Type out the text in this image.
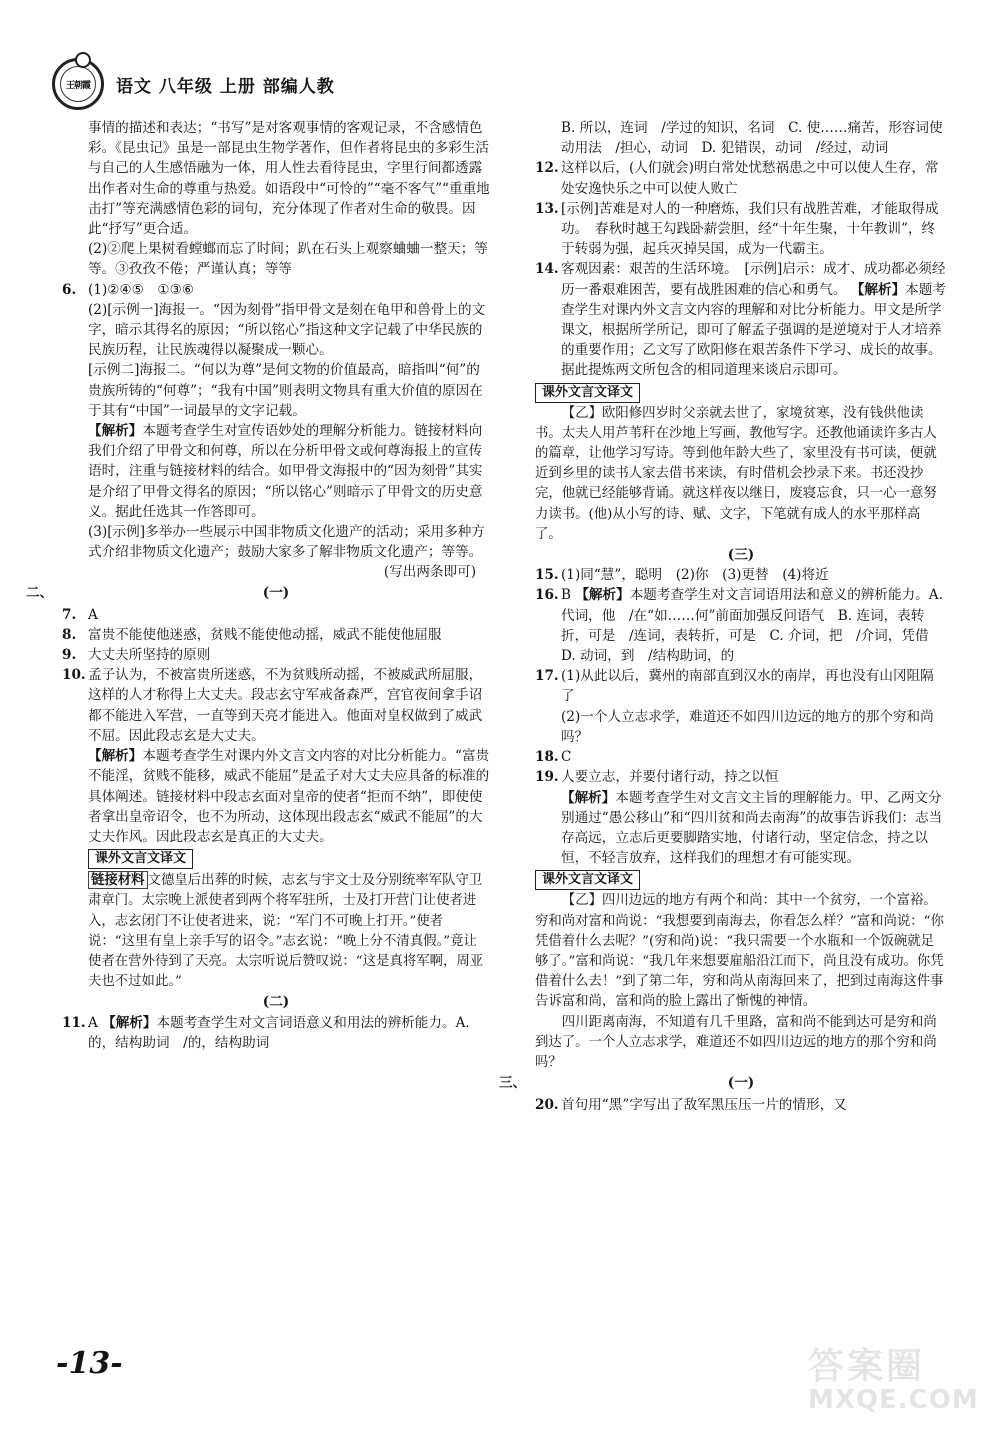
王朝霞	语文 八年级 上册 部编人教
事情的描述和表达；“书写”是对客观事情的客观记录，不含感情色彩。《昆虫记》虽是一部昆虫生物学著作，但作者将昆虫的多彩生活与自己的人生感悟融为一体，用人性去看待昆虫，字里行间都透露出作者对生命的尊重与热爱。如语段中“可怜的”“毫不客气”“重重地击打”等充满感情色彩的词句，充分体现了作者对生命的敬畏。因此“抒写”更合适。
(2)②爬上果树看螳螂而忘了时间；趴在石头上观察蛐蛐一整天；等等。③孜孜不倦；严谨认真；等等
6. (1)②④⑤　①③⑥
(2)[示例一]海报一。“因为刻骨”指甲骨文是刻在龟甲和兽骨上的文字，暗示其得名的原因；“所以铭心”指这种文字记载了中华民族的民族历程，让民族魂得以凝聚成一颗心。
[示例二]海报二。“何以为尊”是何文物的价值最高，暗指叫“何”的贵族所铸的“何尊”；“我有中国”则表明文物具有重大价值的原因在于其有“中国”一词最早的文字记载。
【解析】本题考查学生对宣传语妙处的理解分析能力。链接材料向我们介绍了甲骨文和何尊，所以在分析甲骨文或何尊海报上的宣传语时，注重与链接材料的结合。如甲骨文海报中的“因为刻骨”其实是介绍了甲骨文得名的原因；“所以铭心”则暗示了甲骨文的历史意义。据此任选其一作答即可。
(3)[示例]多举办一些展示中国非物质文化遗产的活动；采用多种方式介绍非物质文化遗产；鼓励大家多了解非物质文化遗产；等等。
(写出两条即可)
二、	(一)
7. A
8. 富贵不能使他迷惑，贫贱不能使他动摇，威武不能使他屈服
9. 大丈夫所坚持的原则
10. 孟子认为，不被富贵所迷惑，不为贫贱所动摇，不被威武所屈服，这样的人才称得上大丈夫。段志玄守军戒备森严，宫官夜间拿手诏都不能进入军营，一直等到天亮才能进入。他面对皇权做到了威武不屈。因此段志玄是大丈夫。
【解析】本题考查学生对课内外文言文内容的对比分析能力。“富贵不能淫，贫贱不能移，威武不能屈”是孟子对大丈夫应具备的标准的具体阐述。链接材料中段志玄面对皇帝的使者“拒而不纳”，即使使者拿出皇帝诏令，也不为所动，这体现出段志玄“威武不能屈”的大丈夫作风。因此段志玄是真正的大丈夫。
课外文言文译文
链接材料 文德皇后出葬的时候，志玄与宇文士及分别统率军队守卫肃章门。太宗晚上派使者到两个将军驻所，士及打开营门让使者进入，志玄闭门不让使者进来，说：“军门不可晚上打开。”使者说：“这里有皇上亲手写的诏令。”志玄说：“晚上分不清真假。”竟让使者在营外待到了天亮。太宗听说后赞叹说：“这是真将军啊，周亚夫也不过如此。”
(二)
11. A 【解析】本题考查学生对文言词语意义和用法的辨析能力。A. 的，结构助词　/的，结构助词
B. 所以，连词　/学过的知识，名词　C. 使……痛苦，形容词使动用法　/担心，动词　D. 犯错误，动词　/经过，动词
12. 这样以后，(人们就会)明白常处忧愁祸患之中可以使人生存，常处安逸快乐之中可以使人败亡
13. [示例]苦难是对人的一种磨炼，我们只有战胜苦难，才能取得成功。　春秋时越王勾践卧薪尝胆，经“十年生聚，十年教训”，终于转弱为强，起兵灭掉吴国，成为一代霸主。
14. 客观因素：艰苦的生活环境。　[示例]启示：成才、成功都必须经历一番艰难困苦，要有战胜困难的信心和勇气。 【解析】本题考查学生对课内外文言文内容的理解和对比分析能力。甲文是所学课文，根据所学所记，即可了解孟子强调的是逆境对于人才培养的重要作用；乙文写了欧阳修在艰苦条件下学习、成长的故事。据此提炼两文所包含的相同道理来谈启示即可。
课外文言文译文
【乙】欧阳修四岁时父亲就去世了，家境贫寒，没有钱供他读书。太夫人用芦苇秆在沙地上写画，教他写字。还教他诵读许多古人的篇章，让他学习写诗。等到他年龄大些了，家里没有书可读，便就近到乡里的读书人家去借书来读，有时借机会抄录下来。书还没抄完，他就已经能够背诵。就这样夜以继日，废寝忘食，只一心一意努力读书。(他)从小写的诗、赋、文字，下笔就有成人的水平那样高了。
(三)
15. (1)同“慧”，聪明　(2)你　(3)更替　(4)将近
16. B 【解析】本题考查学生对文言词语用法和意义的辨析能力。A. 代词，他　/在“如……何”前面加强反问语气　B. 连词，表转折，可是　/连词，表转折，可是　C. 介词，把　/介词，凭借　D. 动词，到　/结构助词，的
17. (1)从此以后，冀州的南部直到汉水的南岸，再也没有山冈阻隔了
(2)一个人立志求学，难道还不如四川边远的地方的那个穷和尚吗？
18. C
19. 人要立志，并要付诸行动，持之以恒
【解析】本题考查学生对文言文主旨的理解能力。甲、乙两文分别通过“愚公移山”和“四川贫和尚去南海”的故事告诉我们：志当存高远，立志后更要脚踏实地，付诸行动，坚定信念，持之以恒，不轻言放弃，这样我们的理想才有可能实现。
课外文言文译文
【乙】四川边远的地方有两个和尚：其中一个贫穷，一个富裕。穷和尚对富和尚说：“我想要到南海去，你看怎么样？”富和尚说：“你凭借着什么去呢？”(穷和尚)说：“我只需要一个水瓶和一个饭碗就足够了。”富和尚说：“我几年来想要雇船沿江而下，尚且没有成功。你凭借着什么去！”到了第二年，穷和尚从南海回来了，把到过南海这件事告诉富和尚，富和尚的脸上露出了惭愧的神情。
四川距离南海，不知道有几千里路，富和尚不能到达可是穷和尚到达了。一个人立志求学，难道还不如四川边远的地方的那个穷和尚吗？
三、	(一)
20. 首句用“黑”字写出了敌军黑压压一片的情形，又
-13-	答案圈
MXQE.COM
